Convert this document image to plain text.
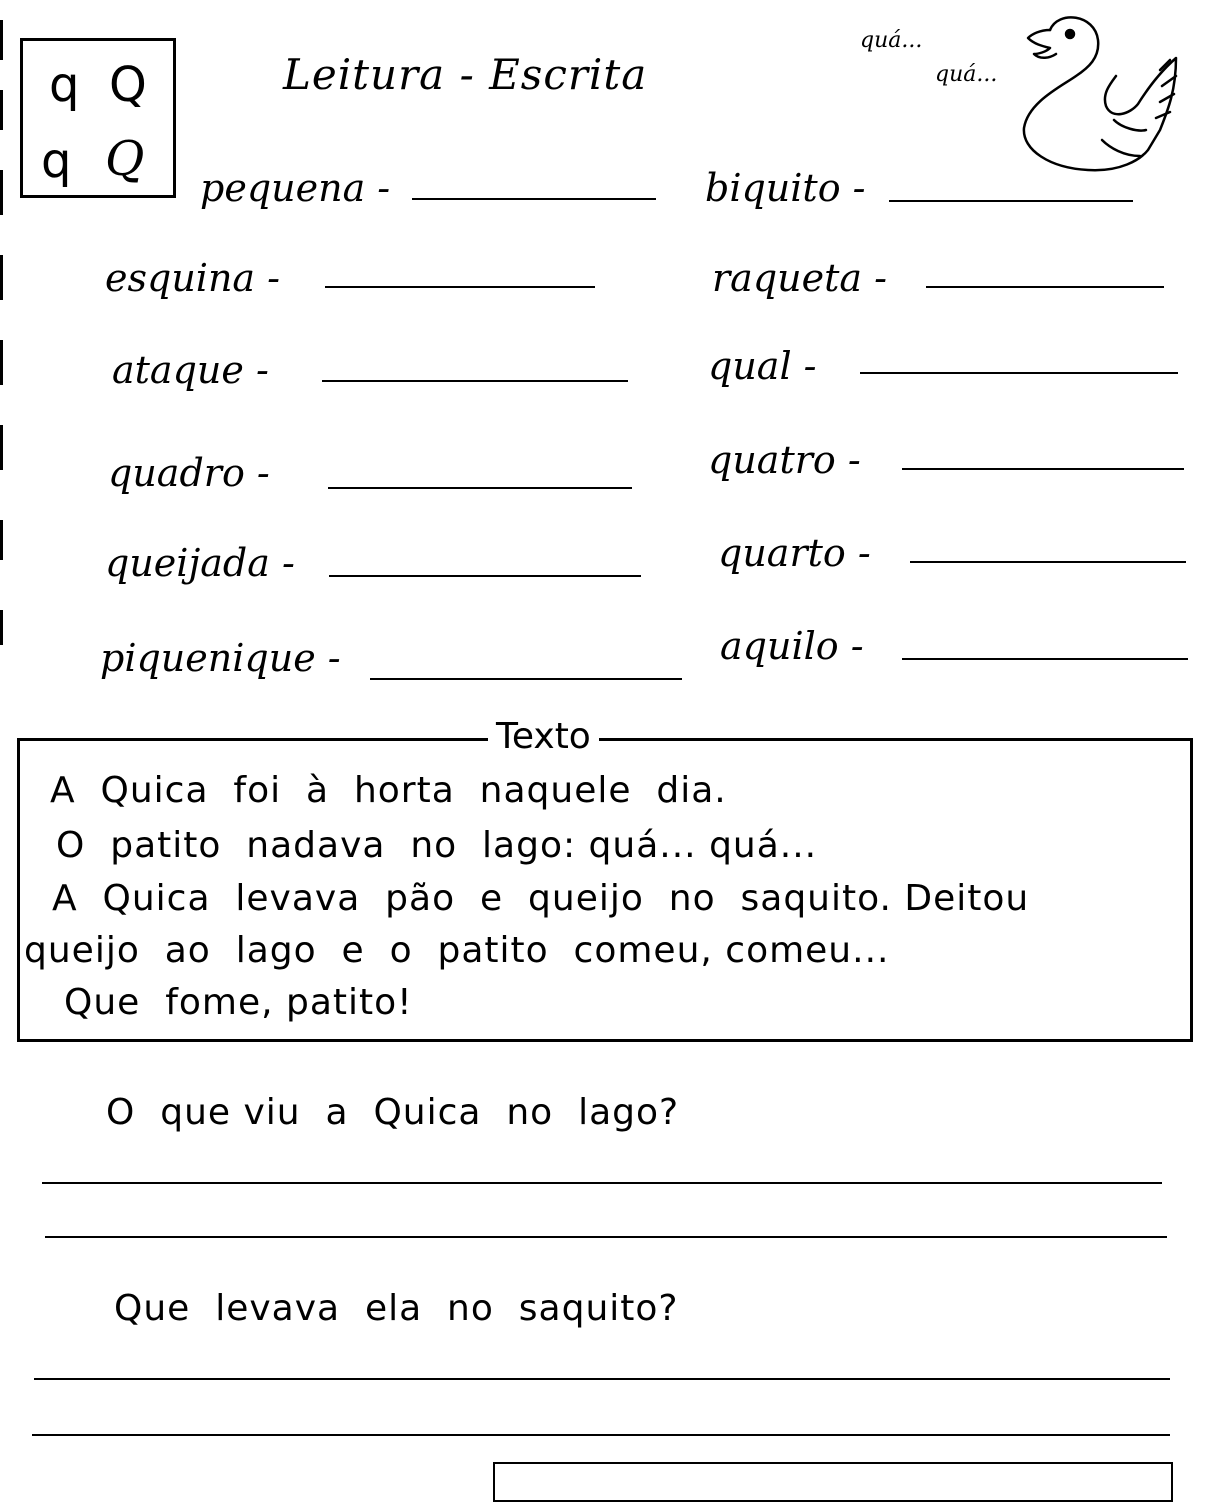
q Q
q Q
Leitura - Escrita
quá...
quá...
pequena -
esquina -
ataque -
quadro -
queijada -
piquenique -
biquito -
raqueta -
qual -
quatro -
quarto -
aquilo -
Texto
A  Quica  foi  à  horta  naquele  dia.
O  patito  nadava  no  lago: quá... quá...
A  Quica  levava  pão  e  queijo  no  saquito. Deitou
queijo  ao  lago  e  o  patito  comeu, comeu...
Que  fome, patito!
O  que viu  a  Quica  no  lago?
Que  levava  ela  no  saquito?
